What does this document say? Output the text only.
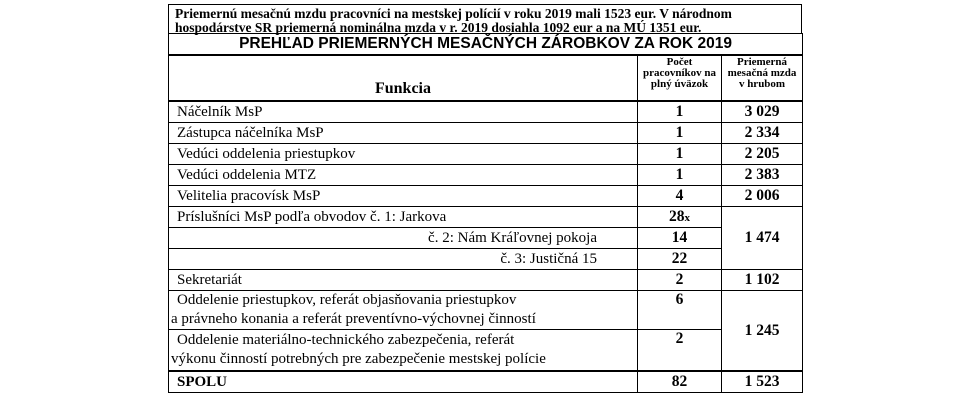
Priemernú mesačnú mzdu pracovníci na mestskej polícií v roku 2019 mali 1523 eur. V národnom hospodárstve SR priemerná nominálna mzda v r. 2019 dosiahla 1092 eur a na MÚ 1351 eur.
PREHĽAD PRIEMERNÝCH MESAČNÝCH ZÁROBKOV ZA ROK 2019		
Funkcia	Počet pracovníkov na plný úväzok	Priemerná mesačná mzda v hrubom
Náčelník MsP	1	3 029
Zástupca náčelníka MsP	1	2 334
Vedúci oddelenia priestupkov	1	2 205
Vedúci oddelenia MTZ	1	2 383
Velitelia pracovísk MsP	4	2 006
Príslušníci MsP podľa obvodov č. 1: Jarkova	28x	1 474
č. 2: Nám Kráľovnej pokoja	14	
č. 3: Justičná 15	22	
Sekretariát	2	1 102

Oddelenie priestupkov, referát objasňovania priestupkov
a právneho konania a referát preventívno-výchovnej činností	6	1 245

Oddelenie materiálno-technického zabezpečenia, referát
výkonu činností potrebných pre zabezpečenie mestskej polície	2	
SPOLU	82	1 523
